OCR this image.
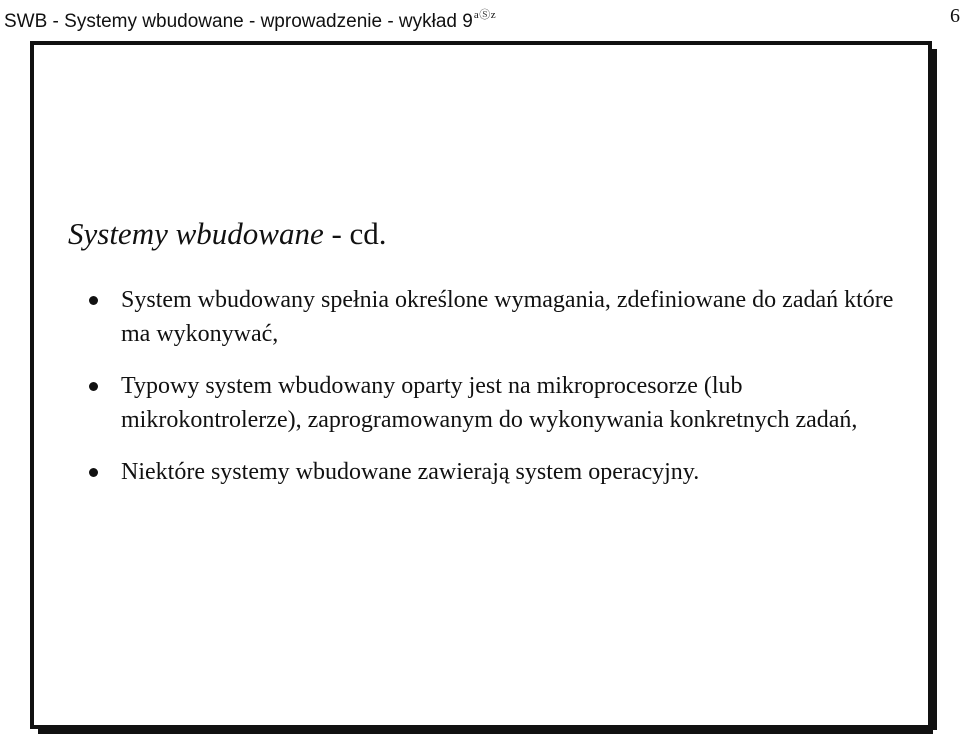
SWB - Systemy wbudowane - wprowadzenie - wykład $9^{aⓈz}$	6
Systemy wbudowane - cd.
System wbudowany spełnia określone wymagania, zdefiniowane do zadań które ma wykonywać,
Typowy system wbudowany oparty jest na mikroprocesorze (lub mikrokontrolerze), zaprogramowanym do wykonywania konkretnych zadań,
Niektóre systemy wbudowane zawierają system operacyjny.
